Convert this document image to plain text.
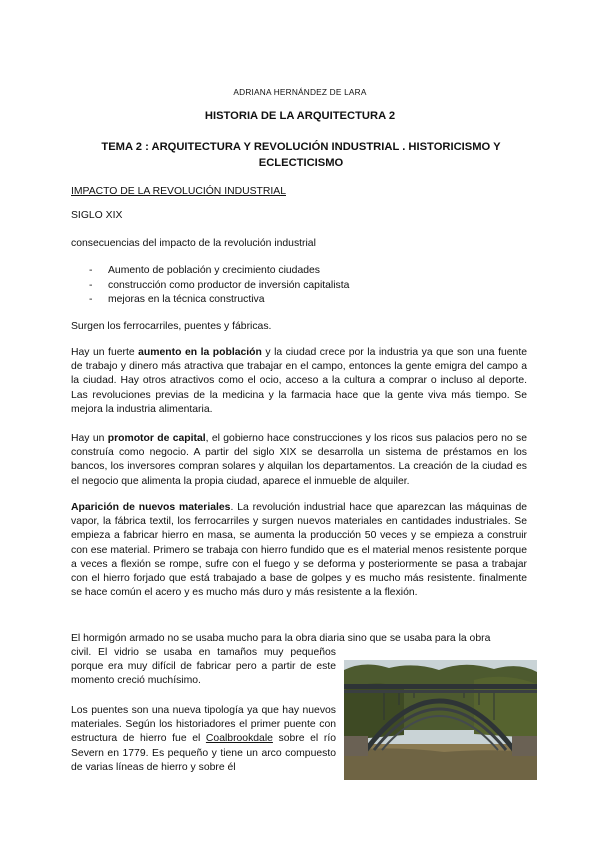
ADRIANA HERNÁNDEZ DE LARA
HISTORIA DE LA ARQUITECTURA 2
TEMA 2 : ARQUITECTURA Y REVOLUCIÓN INDUSTRIAL . HISTORICISMO Y ECLECTICISMO
IMPACTO DE LA REVOLUCIÓN INDUSTRIAL
SIGLO XIX
consecuencias del impacto de la revolución industrial
- Aumento de población y crecimiento ciudades
- construcción como productor de inversión capitalista
- mejoras en la técnica constructiva
Surgen los ferrocarriles, puentes y fábricas.

Hay un fuerte aumento en la población y la ciudad crece por la industria ya que son una fuente de trabajo y dinero más atractiva que trabajar en el campo, entonces la gente emigra del campo a la ciudad. Hay otros atractivos como el ocio, acceso a la cultura a comprar o incluso al deporte. Las revoluciones previas de la medicina y la farmacia hace que la gente viva más tiempo. Se mejora la industria alimentaria.

Hay un promotor de capital, el gobierno hace construcciones y los ricos sus palacios pero no se construía como negocio. A partir del siglo XIX se desarrolla un sistema de préstamos en los bancos, los inversores compran solares y alquilan los departamentos. La creación de la ciudad es el negocio que alimenta la propia ciudad, aparece el inmueble de alquiler.

Aparición de nuevos materiales. La revolución industrial hace que aparezcan las máquinas de vapor, la fábrica textil, los ferrocarriles y surgen nuevos materiales en cantidades industriales. Se empieza a fabricar hierro en masa, se aumenta la producción 50 veces y se empieza a construir con ese material. Primero se trabaja con hierro fundido que es el material menos resistente porque a veces a flexión se rompe, sufre con el fuego y se deforma y posteriormente se pasa a trabajar con el hierro forjado que está trabajado a base de golpes y es mucho más resistente. finalmente se hace común el acero y es mucho más duro y más resistente a la flexión.

El hormigón armado no se usaba mucho para la obra diaria sino que se usaba para la obra

civil. El vidrio se usaba en tamaños muy pequeños porque era muy difícil de fabricar pero a partir de este momento creció muchísimo.

Los puentes son una nueva tipología ya que hay nuevos materiales. Según los historiadores el primer puente con estructura de hierro fue el Coalbrookdale sobre el río Severn en 1779. Es pequeño y tiene un arco compuesto de varias líneas de hierro y sobre él
